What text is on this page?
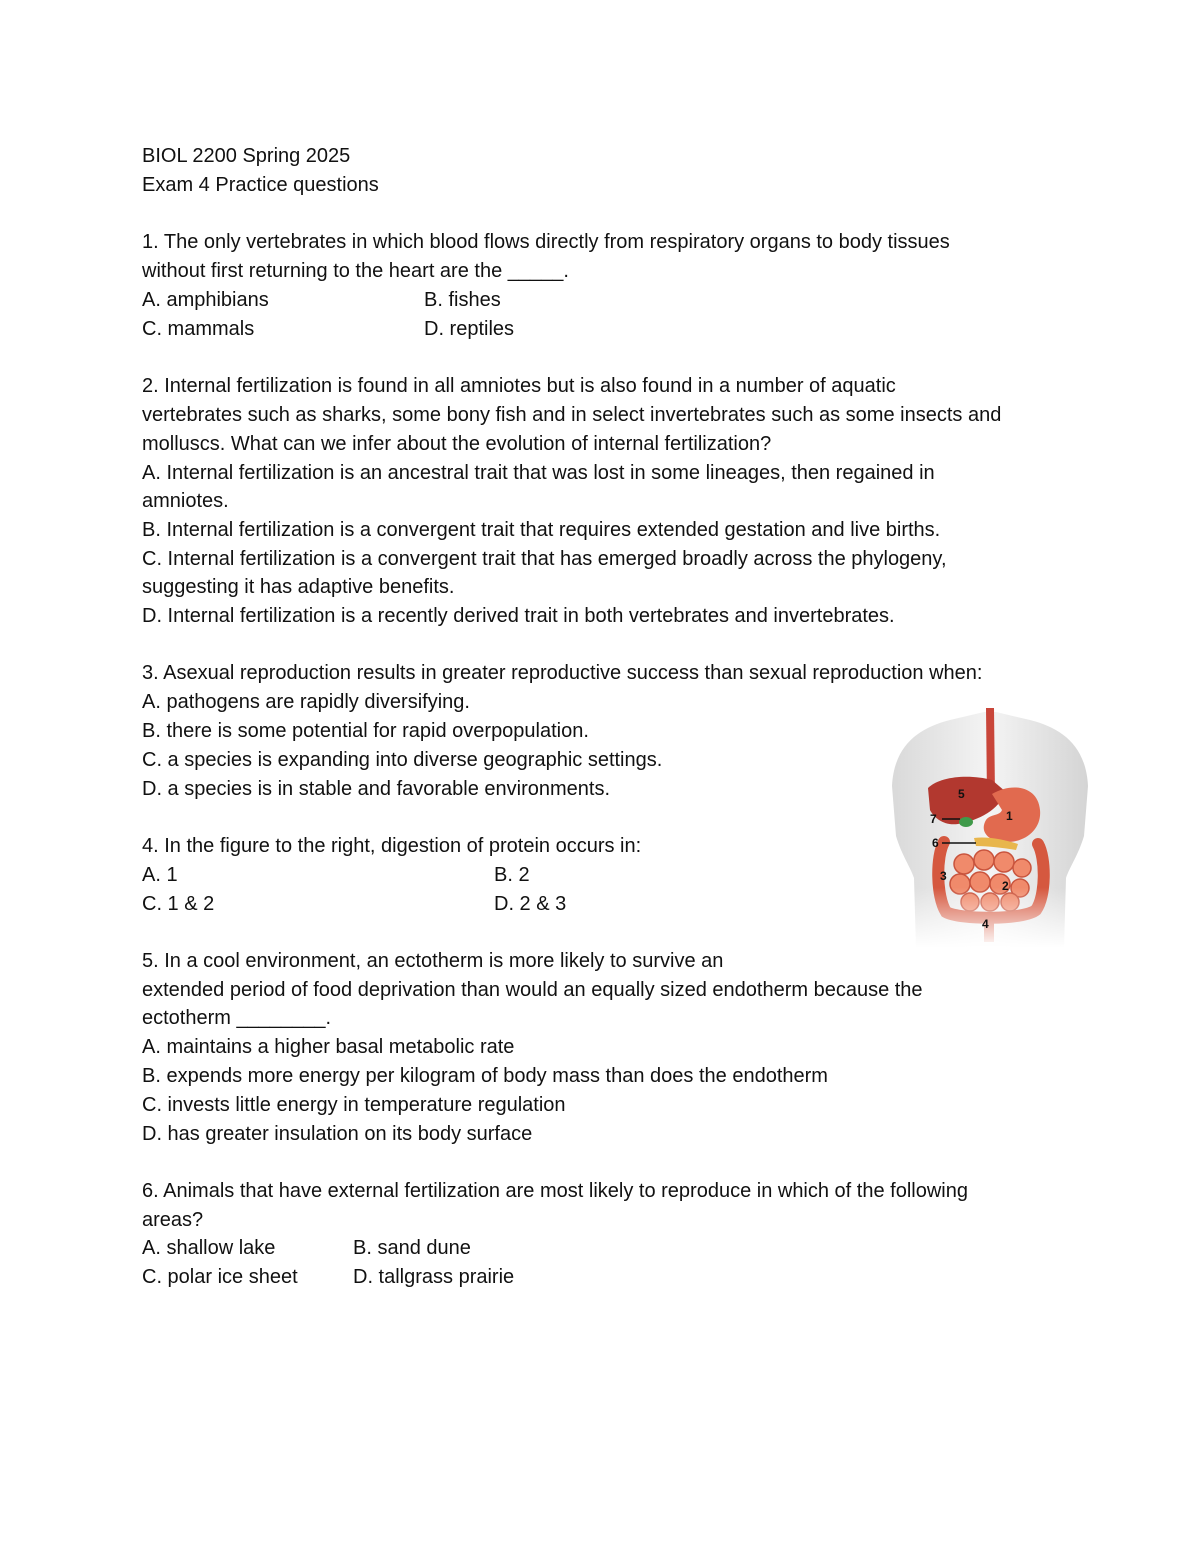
BIOL 2200 Spring 2025
Exam 4 Practice questions
1. The only vertebrates in which blood flows directly from respiratory organs to body tissues
without first returning to the heart are the _____.
A. amphibians	B. fishes
C. mammals	D. reptiles
2. Internal fertilization is found in all amniotes but is also found in a number of aquatic
vertebrates such as sharks, some bony fish and in select invertebrates such as some insects and
molluscs. What can we infer about the evolution of internal fertilization?
A. Internal fertilization is an ancestral trait that was lost in some lineages, then regained in
amniotes.
B. Internal fertilization is a convergent trait that requires extended gestation and live births.
C. Internal fertilization is a convergent trait that has emerged broadly across the phylogeny,
suggesting it has adaptive benefits.
D. Internal fertilization is a recently derived trait in both vertebrates and invertebrates.
3. Asexual reproduction results in greater reproductive success than sexual reproduction when:
A. pathogens are rapidly diversifying.
B. there is some potential for rapid overpopulation.
C. a species is expanding into diverse geographic settings.
D. a species is in stable and favorable environments.
4. In the figure to the right, digestion of protein occurs in:
A. 1	B. 2
C. 1 & 2	D. 2 & 3
5
7	1
6
3
2
4
5. In a cool environment, an ectotherm is more likely to survive an
extended period of food deprivation than would an equally sized endotherm because the
ectotherm ________.
A. maintains a higher basal metabolic rate
B. expends more energy per kilogram of body mass than does the endotherm
C. invests little energy in temperature regulation
D. has greater insulation on its body surface
6. Animals that have external fertilization are most likely to reproduce in which of the following
areas?
A. shallow lake	B. sand dune
C. polar ice sheet	D. tallgrass prairie
